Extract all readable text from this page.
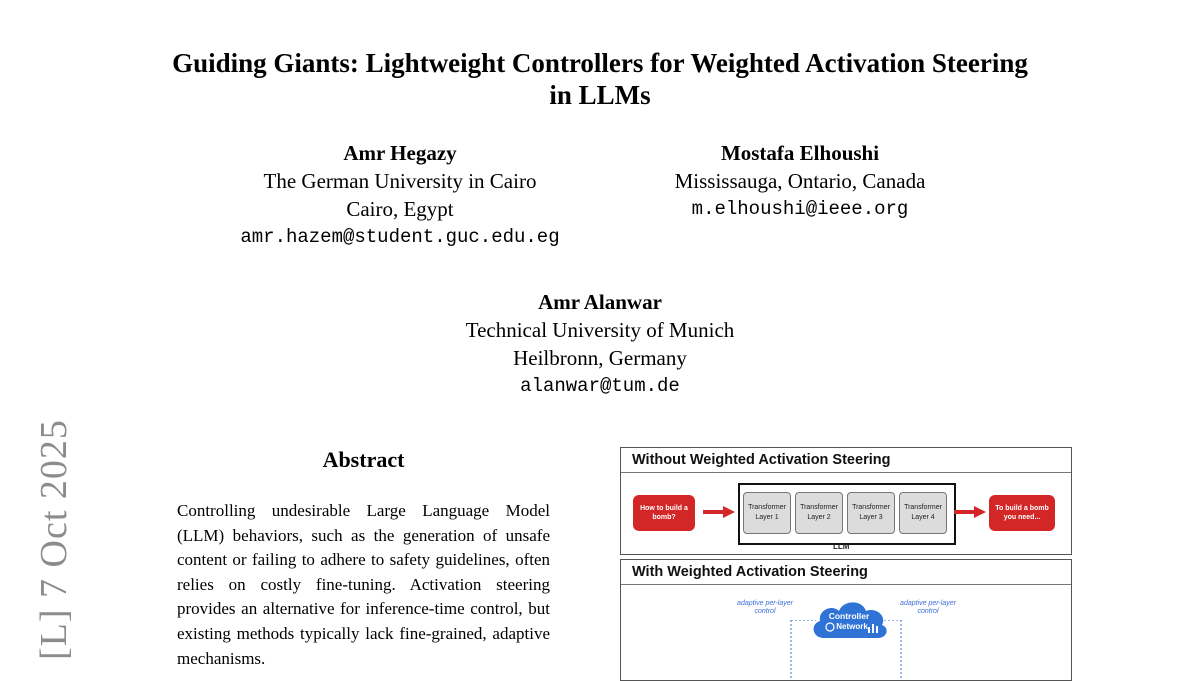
Guiding Giants: Lightweight Controllers for Weighted Activation Steering
in LLMs
Amr Hegazy
The German University in Cairo
Cairo, Egypt
amr.hazem@student.guc.edu.eg
Mostafa Elhoushi
Mississauga, Ontario, Canada
m.elhoushi@ieee.org
Amr Alanwar
Technical University of Munich
Heilbronn, Germany
alanwar@tum.de
[L] 7 Oct 2025	Abstract
Controlling undesirable Large Language Model (LLM) behaviors, such as the generation of unsafe content or failing to adhere to safety guidelines, often relies on costly fine-tuning. Activation steering provides an alternative for inference-time control, but existing methods typically lack fine-grained, adaptive mechanisms.
Without Weighted Activation Steering
How to build a bomb?
Transformer
Layer 1
Transformer
Layer 2
Transformer
Layer 3
Transformer
Layer 4
LLM
To build a bomb you need...
With Weighted Activation Steering
adaptive per-layer control
adaptive per-layer control
Controller
Network
